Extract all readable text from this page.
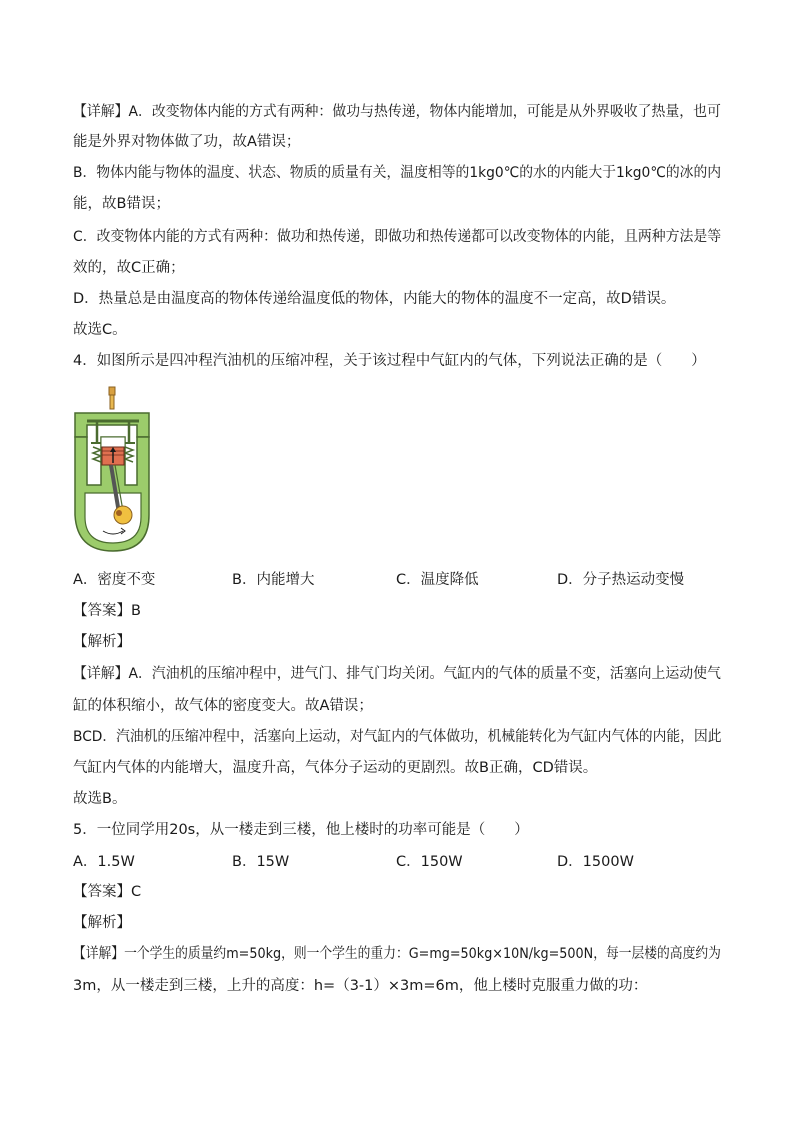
【详解】A．改变物体内能的方式有两种：做功与热传递，物体内能增加，可能是从外界吸收了热量，也可
能是外界对物体做了功，故A错误；
B．物体内能与物体的温度、状态、物质的质量有关，温度相等的1kg0℃的水的内能大于1kg0℃的冰的内
能，故B错误；
C．改变物体内能的方式有两种：做功和热传递，即做功和热传递都可以改变物体的内能，且两种方法是等
效的，故C正确；
D．热量总是由温度高的物体传递给温度低的物体，内能大的物体的温度不一定高，故D错误。
故选C。
4．如图所示是四冲程汽油机的压缩冲程，关于该过程中气缸内的气体，下列说法正确的是（　　）
A．密度不变	B．内能增大	C．温度降低	D．分子热运动变慢
【答案】B
【解析】
【详解】A．汽油机的压缩冲程中，进气门、排气门均关闭。气缸内的气体的质量不变，活塞向上运动使气
缸的体积缩小，故气体的密度变大。故A错误；
BCD．汽油机的压缩冲程中，活塞向上运动，对气缸内的气体做功，机械能转化为气缸内气体的内能，因此
气缸内气体的内能增大，温度升高，气体分子运动的更剧烈。故B正确，CD错误。
故选B。
5．一位同学用20s，从一楼走到三楼，他上楼时的功率可能是（　　）
A．1.5W	B．15W	C．150W	D．1500W
【答案】C
【解析】
【详解】一个学生的质量约m=50kg，则一个学生的重力：G=mg=50kg×10N/kg=500N，每一层楼的高度约为
3m，从一楼走到三楼，上升的高度：h=（3-1）×3m=6m，他上楼时克服重力做的功：
